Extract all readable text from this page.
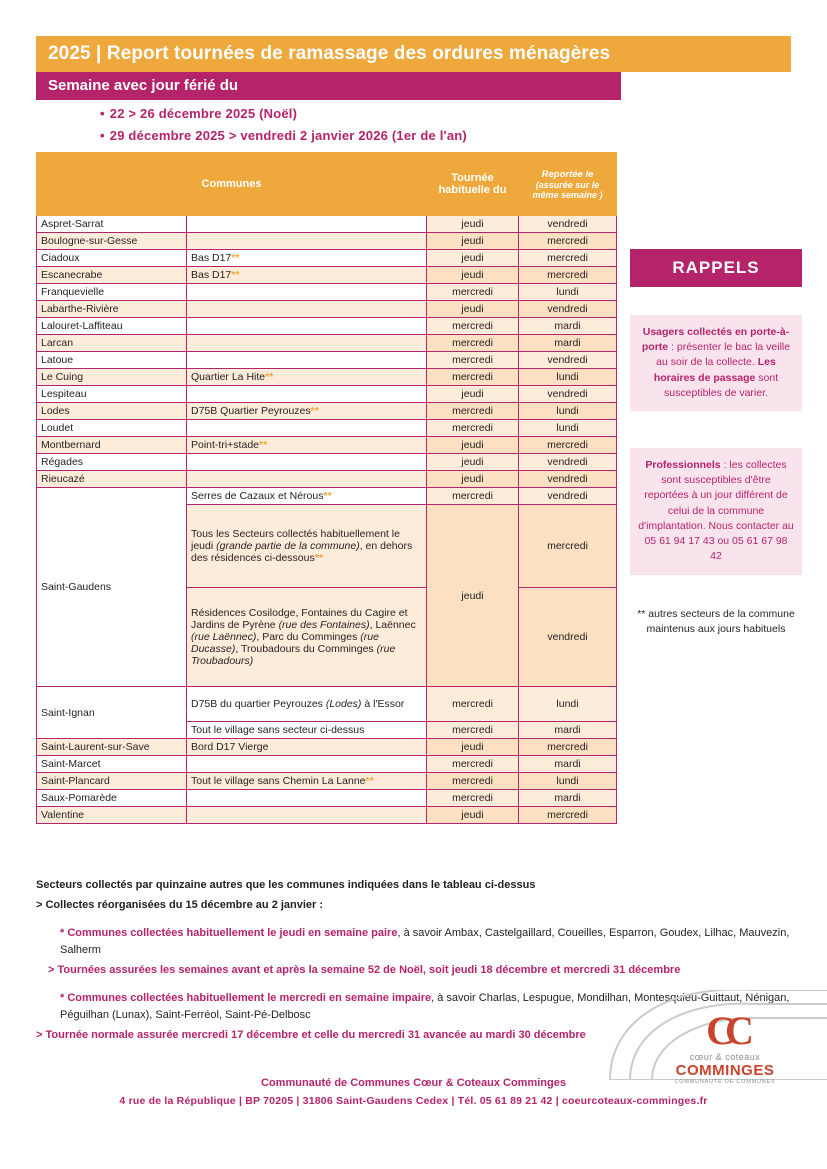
2025 | Report tournées de ramassage des ordures ménagères
Semaine avec jour férié du
• 22 > 26 décembre 2025 (Noël)
• 29 décembre 2025 > vendredi 2 janvier 2026 (1er de l'an)
Communes		Tournée habituelle du	Reportée le
(assurée sur le même semaine )

Aspret-Sarrat		jeudi	vendredi
Boulogne-sur-Gesse		jeudi	mercredi
Ciadoux	Bas D17**	jeudi	mercredi
Escanecrabe	Bas D17**	jeudi	mercredi
Franquevielle		mercredi	lundi
Labarthe-Rivière		jeudi	vendredi
Lalouret-Laffiteau		mercredi	mardi
Larcan		mercredi	mardi
Latoue		mercredi	vendredi
Le Cuing	Quartier La Hite**	mercredi	lundi
Lespiteau		jeudi	vendredi
Lodes	D75B Quartier Peyrouzes**	mercredi	lundi
Loudet		mercredi	lundi
Montbernard	Point-tri+stade**	jeudi	mercredi
Régades		jeudi	vendredi
Rieucazé		jeudi	vendredi
Saint-Gaudens	Serres de Cazaux et Nérous**	mercredi	vendredi
	Tous les Secteurs collectés habituellement le jeudi (grande partie de la commune), en dehors des résidences ci-dessous**	jeudi	mercredi
	Résidences Cosilodge, Fontaines du Cagire et Jardins de Pyrène (rue des Fontaines), Laënnec (rue Laënnec), Parc du Comminges (rue Ducasse), Troubadours du Comminges (rue Troubadours)		vendredi
Saint-Ignan	D75B du quartier Peyrouzes (Lodes) à l'Essor	mercredi	lundi
	Tout le village sans secteur ci-dessus	mercredi	mardi
Saint-Laurent-sur-Save	Bord D17 Vierge	jeudi	mercredi
Saint-Marcet		mercredi	mardi
Saint-Plancard	Tout le village sans Chemin La Lanne**	mercredi	lundi
Saux-Pomarède		mercredi	mardi
Valentine		jeudi	mercredi
RAPPELS
Usagers collectés en porte-à-porte : présenter le bac la veille au soir de la collecte. Les horaires de passage sont susceptibles de varier.
Professionnels : les collectes sont susceptibles d'être reportées à un jour différent de celui de la commune d'implantation. Nous contacter au 05 61 94 17 43 ou 05 61 67 98 42
** autres secteurs de la commune maintenus aux jours habituels

Secteurs collectés par quinzaine autres que les communes indiquées dans le tableau ci-dessus

> Collectes réorganisées du 15 décembre au 2 janvier :

* Communes collectées habituellement le jeudi en semaine paire, à savoir Ambax, Castelgaillard, Coueilles, Esparron, Goudex, Lilhac, Mauvezin, Salherm

> Tournées assurées les semaines avant et après la semaine 52 de Noël, soit jeudi 18 décembre et mercredi 31 décembre

* Communes collectées habituellement le mercredi en semaine impaire, à savoir Charlas, Lespugue, Mondilhan, Montesquieu-Guittaut, Nénigan, Péguilhan (Lunax), Saint-Ferréol, Saint-Pé-Delbosc

> Tournée normale assurée mercredi 17 décembre et celle du mercredi 31 avancée au mardi 30 décembre	CC
cœur & coteaux
COMMINGES
COMMUNAUTÉ DE COMMUNES
Communauté de Communes Cœur & Coteaux Comminges
4 rue de la République | BP 70205 | 31806 Saint-Gaudens Cedex | Tél. 05 61 89 21 42 | coeurcoteaux-comminges.fr
